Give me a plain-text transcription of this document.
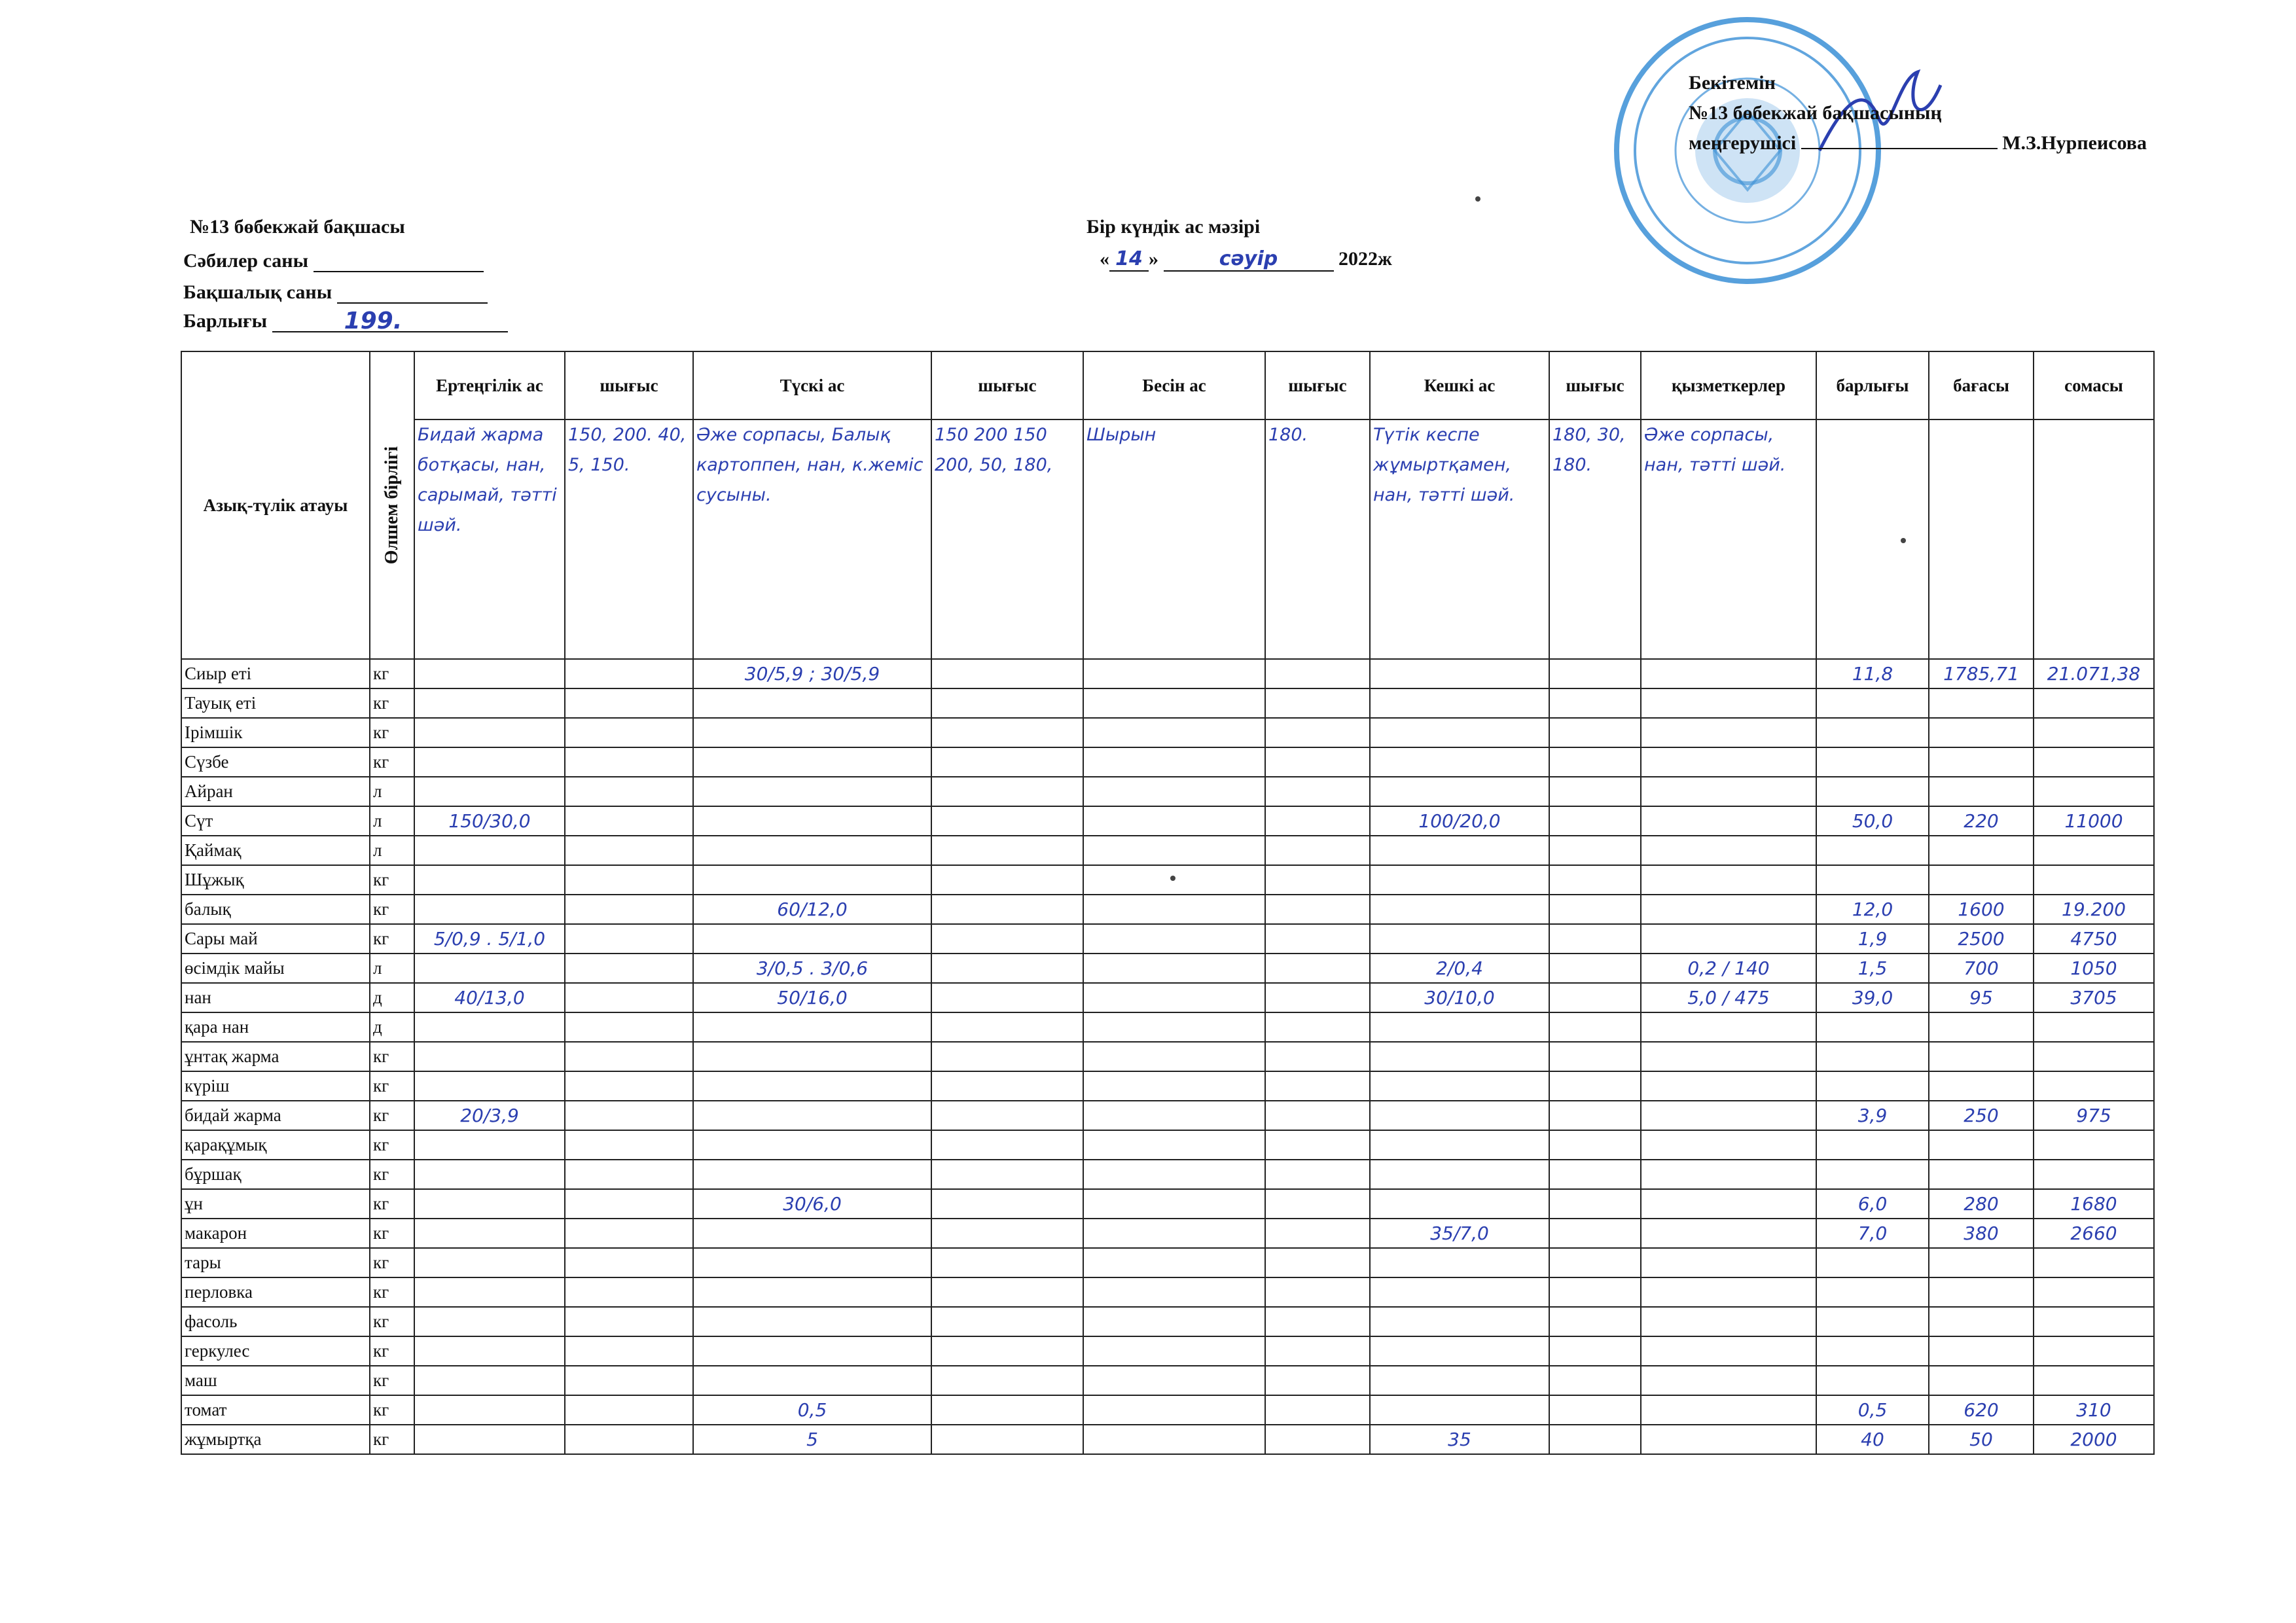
Бекітемін
№13 бөбекжай бақшасының
меңгерушісі	М.З.Нурпеисова
№13 бөбекжай бақшасы	Бір күндік ас мәзірі
« 14 »	сәуір	2022ж
Сәбилер саны
Бақшалық саны
Барлығы	199.
Азық-түлік атауы	Өлшем бірлігі	Ертеңгілік ас	шығыс	Түскі ас	шығыс	Бесін ас	шығыс	Кешкі ас	шығыс	қызметкерлер	барлығы	бағасы	сомасы
		Бидай жарма ботқасы, нан, сарымай, тәтті шәй.	150, 200. 40, 5, 150.	Әже сорпасы, Балық картоппен, нан, к.жеміс сусыны.	150 200 150 200, 50, 180,	Шырын	180.	Түтік кеспе жұмыртқамен, нан, тәтті шәй.	180, 30, 180.	Әже сорпасы, нан, тәтті шәй.			
Сиыр еті	кг			30/5,9 ; 30/5,9							11,8	1785,71	21.071,38
Тауық еті	кг												
Ірімшік	кг												
Сүзбе	кг												
Айран	л												
Сүт	л	150/30,0						100/20,0			50,0	220	11000
Қаймақ	л												
Шұжық	кг												
балық	кг			60/12,0							12,0	1600	19.200
Сары май	кг	5/0,9 . 5/1,0									1,9	2500	4750
өсімдік майы	л			3/0,5 . 3/0,6				2/0,4		0,2 / 140	1,5	700	1050
нан	д	40/13,0		50/16,0				30/10,0		5,0 / 475	39,0	95	3705
қара нан	д												
ұнтақ жарма	кг												
күріш	кг												
бидай жарма	кг	20/3,9									3,9	250	975
қарақұмық	кг												
бұршақ	кг												
ұн	кг			30/6,0							6,0	280	1680
макарон	кг							35/7,0			7,0	380	2660
тары	кг												
перловка	кг												
фасоль	кг												
геркулес	кг												
маш	кг												
томат	кг			0,5							0,5	620	310
жұмыртқа	кг			5				35			40	50	2000
